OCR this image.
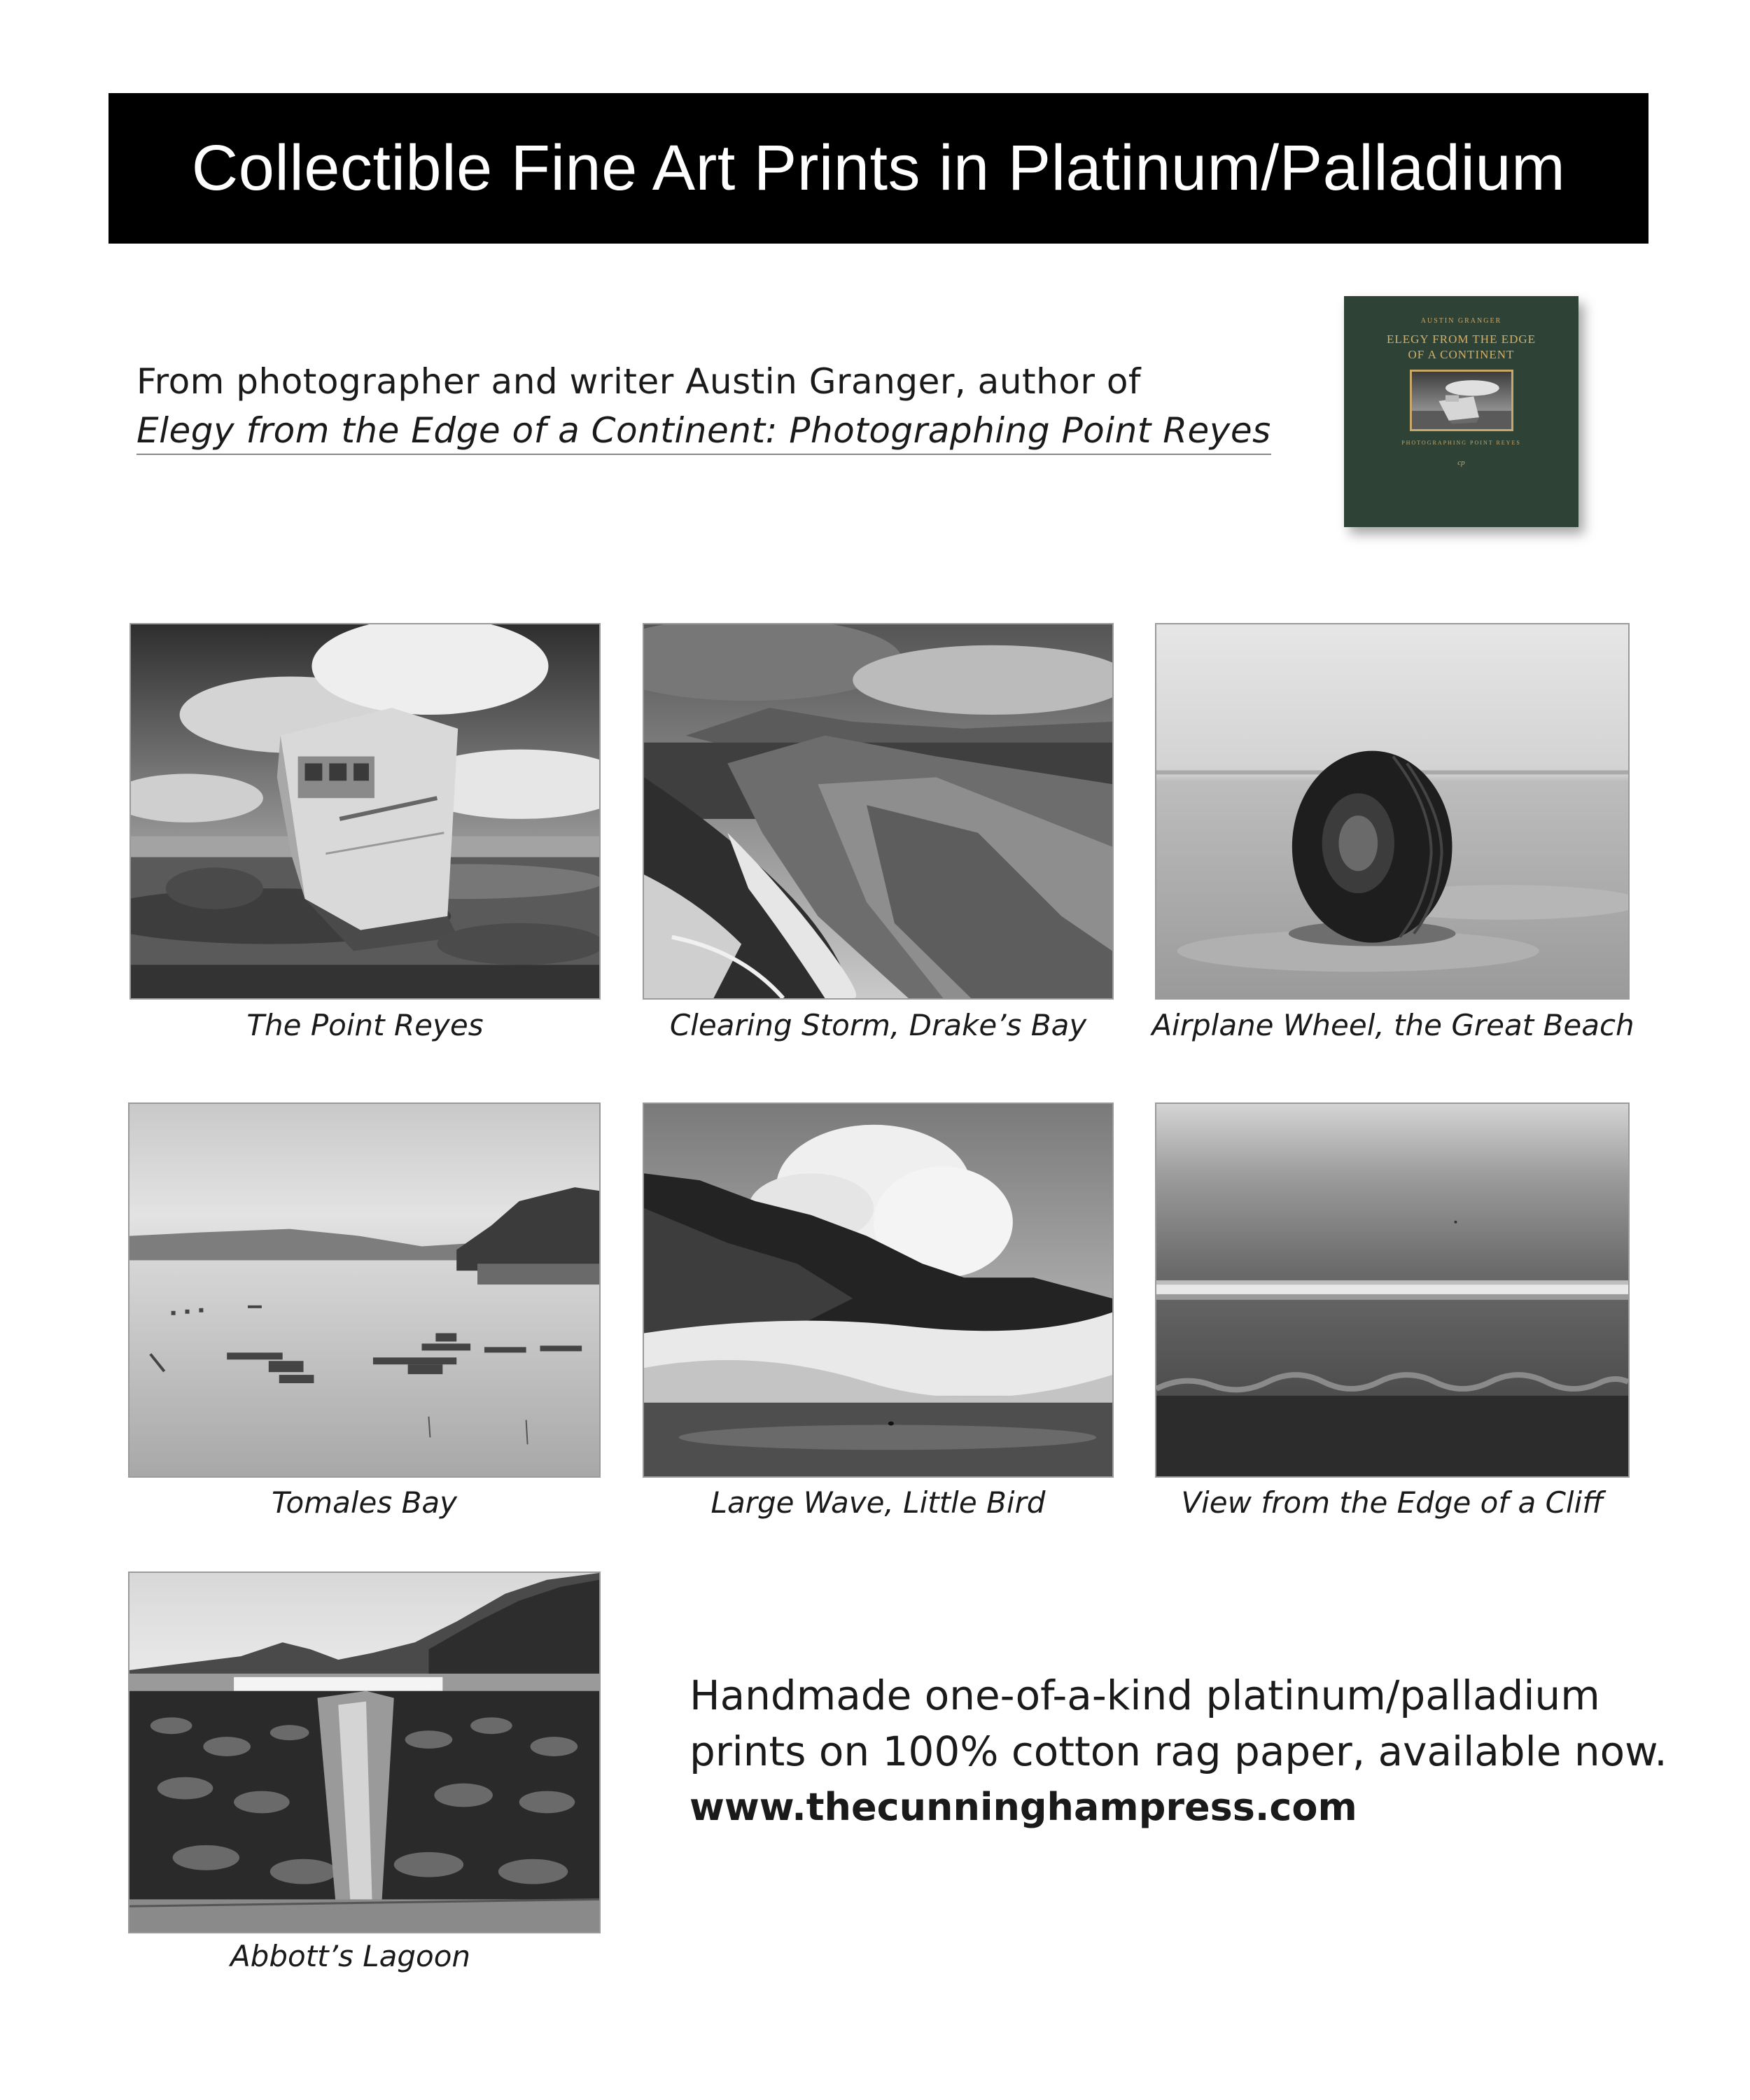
Collectible Fine Art Prints in Platinum/Palladium
From photographer and writer Austin Granger, author of
Elegy from the Edge of a Continent: Photographing Point Reyes
AUSTIN GRANGER
ELEGY FROM THE EDGE
OF A CONTINENT
PHOTOGRAPHING POINT REYES
cp
The Point Reyes	Clearing Storm, Drake’s Bay	Airplane Wheel, the Great Beach
Tomales Bay	Large Wave, Little Bird	View from the Edge of a Cliff
Abbott’s Lagoon
Handmade one-of-a-kind platinum/palladium
prints on 100% cotton rag paper, available now.
www.thecunninghampress.com
